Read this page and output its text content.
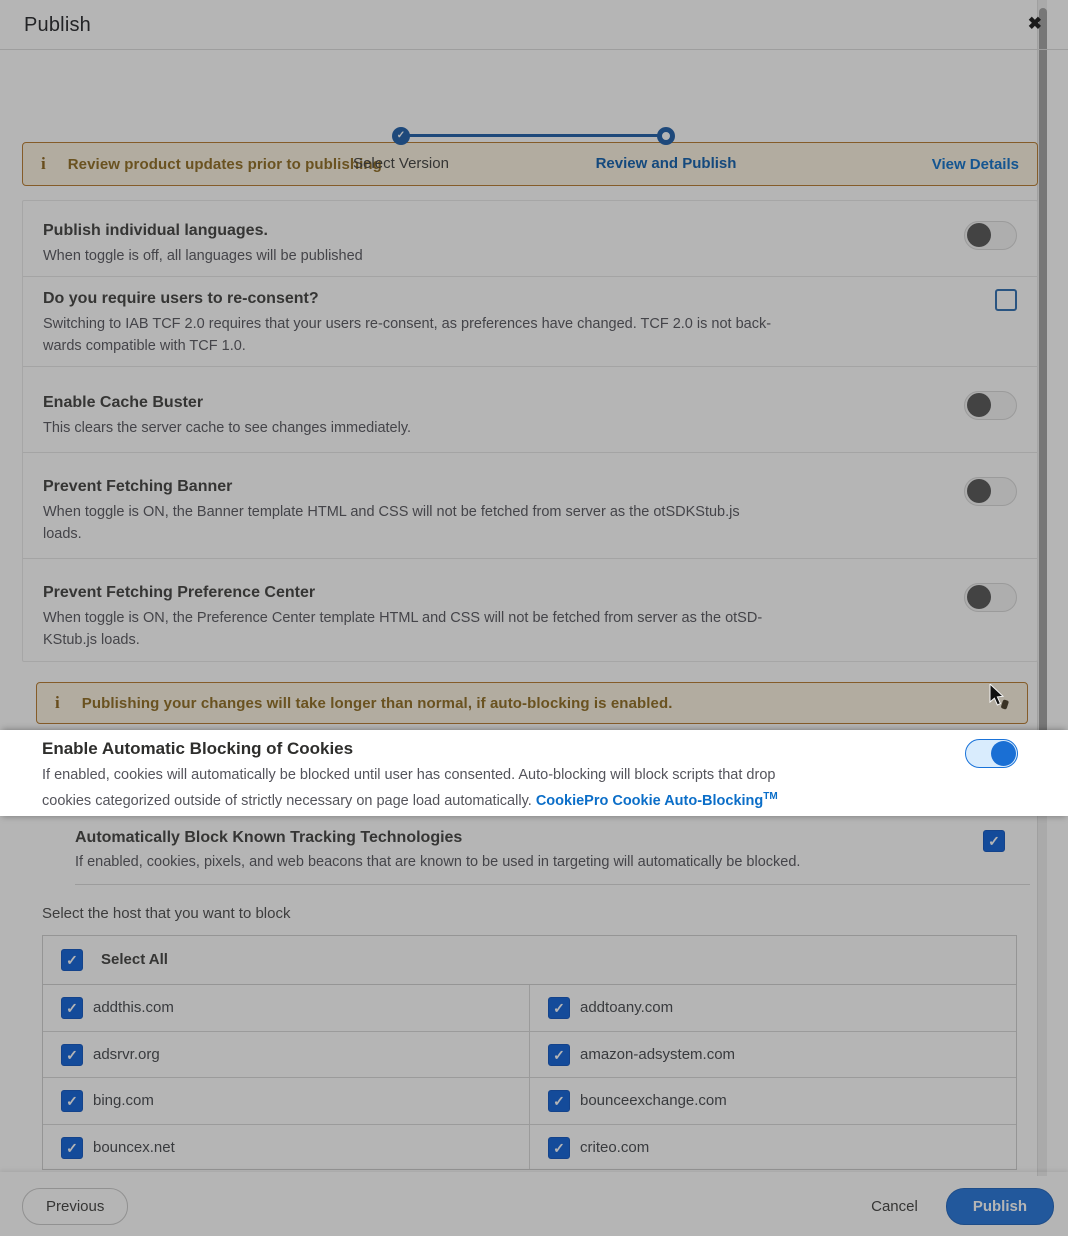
Publish	✖
✓
Select Version	Review and Publish
i Review product updates prior to publishing	View Details
Publish individual languages.
When toggle is off, all languages will be published
Do you require users to re-consent?
Switching to IAB TCF 2.0 requires that your users re-consent, as preferences have changed. TCF 2.0 is not back-
wards compatible with TCF 1.0.
Enable Cache Buster
This clears the server cache to see changes immediately.
Prevent Fetching Banner
When toggle is ON, the Banner template HTML and CSS will not be fetched from server as the otSDKStub.js
loads.
Prevent Fetching Preference Center
When toggle is ON, the Preference Center template HTML and CSS will not be fetched from server as the otSD-
KStub.js loads.
i Publishing your changes will take longer than normal, if auto-blocking is enabled.
Enable Automatic Blocking of Cookies
If enabled, cookies will automatically be blocked until user has consented. Auto-blocking will block scripts that drop
cookies categorized outside of strictly necessary on page load automatically. CookiePro Cookie Auto-Blocking™
Automatically Block Known Tracking Technologies
If enabled, cookies, pixels, and web beacons that are known to be used in targeting will automatically be blocked.
✓
Select the host that you want to block
✓	Select All
✓	addthis.com	✓	addtoany.com
✓	adsrvr.org	✓	amazon-adsystem.com
✓	bing.com	✓	bounceexchange.com
✓	bouncex.net	✓	criteo.com
Previous	Cancel	Publish
